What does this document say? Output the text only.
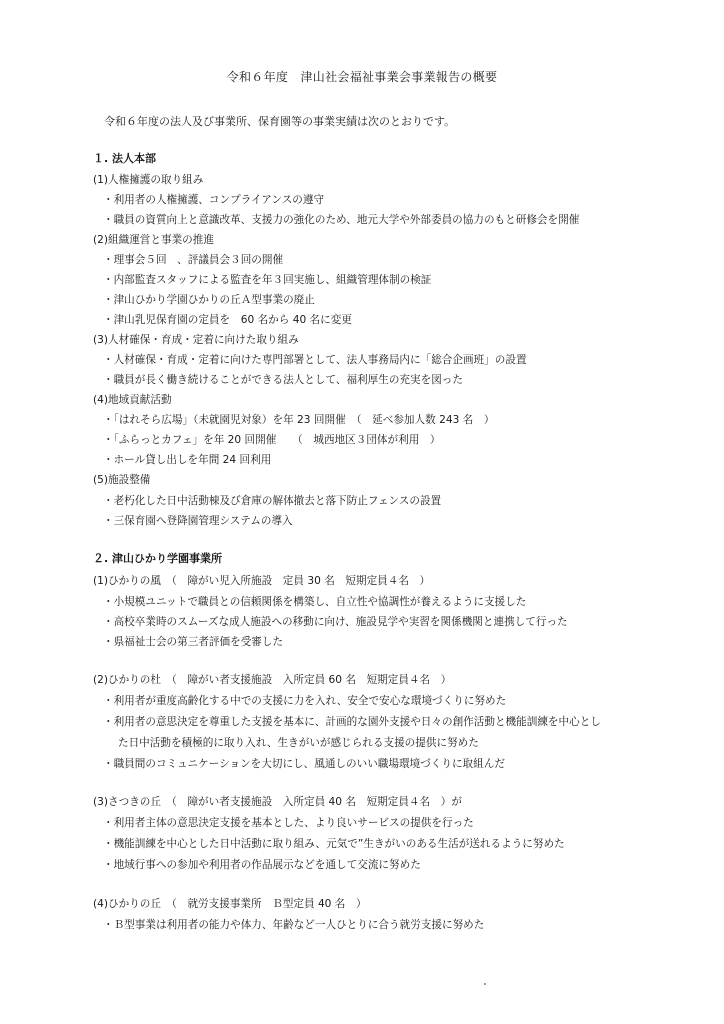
令和６年度　津山社会福祉事業会事業報告の概要
令和６年度の法人及び事業所、保育園等の事業実績は次のとおりです。
１. 法人本部
(1)人権擁護の取り組み
・利用者の人権擁護、コンプライアンスの遵守
・職員の資質向上と意識改革、支援力の強化のため、地元大学や外部委員の協力のもと研修会を開催
(2)組織運営と事業の推進
・理事会５回　、評議員会３回の開催
・内部監査スタッフによる監査を年３回実施し、組織管理体制の検証
・津山ひかり学園ひかりの丘Ａ型事業の廃止
・津山乳児保育園の定員を　60 名から 40 名に変更
(3)人材確保・育成・定着に向けた取り組み
・人材確保・育成・定着に向けた専門部署として、法人事務局内に「総合企画班」の設置
・職員が長く働き続けることができる法人として、福利厚生の充実を図った
(4)地域貢献活動
・「はれそら広場」（未就園児対象）を年 23 回開催　（　延べ参加人数 243 名　）
・「ふらっとカフェ」を年 20 回開催　　（　城西地区３団体が利用　）
・ホール貸し出しを年間 24 回利用
(5)施設整備
・老朽化した日中活動棟及び倉庫の解体撤去と落下防止フェンスの設置
・三保育園へ登降園管理システムの導入
２. 津山ひかり学園事業所
(1)ひかりの風　（　障がい児入所施設　定員 30 名　短期定員４名　）
・小規模ユニットで職員との信頼関係を構築し、自立性や協調性が養えるように支援した
・高校卒業時のスムーズな成人施設への移動に向け、施設見学や実習を関係機関と連携して行った
・県福祉士会の第三者評価を受審した
(2)ひかりの杜　（　障がい者支援施設　入所定員 60 名　短期定員４名　）
・利用者が重度高齢化する中での支援に力を入れ、安全で安心な環境づくりに努めた
・利用者の意思決定を尊重した支援を基本に、計画的な園外支援や日々の創作活動と機能訓練を中心とし
た日中活動を積極的に取り入れ、生きがいが感じられる支援の提供に努めた
・職員間のコミュニケーションを大切にし、風通しのいい職場環境づくりに取組んだ
(3)さつきの丘　（　障がい者支援施設　入所定員 40 名　短期定員４名　）が
・利用者主体の意思決定支援を基本とした、より良いサービスの提供を行った
・機能訓練を中心とした日中活動に取り組み、元気で”生きがいのある生活が送れるように努めた
・地域行事への参加や利用者の作品展示などを通して交流に努めた
(4)ひかりの丘　（　就労支援事業所　Ｂ型定員 40 名　）
・Ｂ型事業は利用者の能力や体力、年齢など一人ひとりに合う就労支援に努めた
